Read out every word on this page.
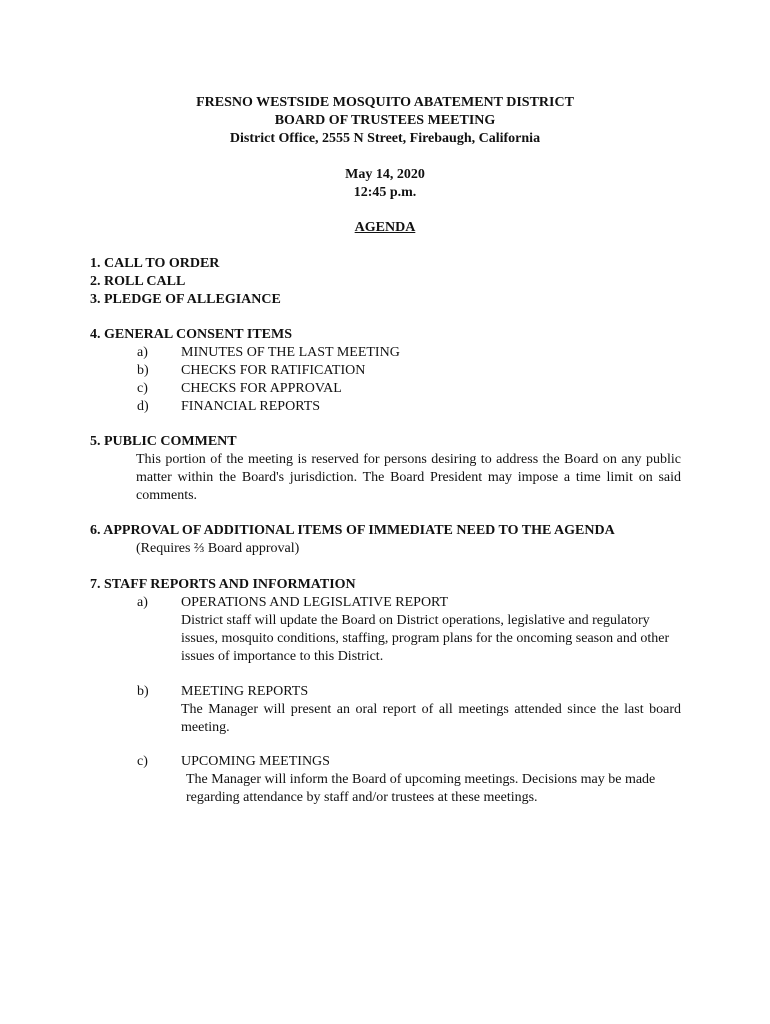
FRESNO WESTSIDE MOSQUITO ABATEMENT DISTRICT
BOARD OF TRUSTEES MEETING
District Office, 2555 N Street, Firebaugh, California
May 14, 2020
12:45 p.m.
AGENDA
1. CALL TO ORDER
2. ROLL CALL
3. PLEDGE OF ALLEGIANCE
4. GENERAL CONSENT ITEMS
a) MINUTES OF THE LAST MEETING
b) CHECKS FOR RATIFICATION
c) CHECKS FOR APPROVAL
d) FINANCIAL REPORTS
5. PUBLIC COMMENT
This portion of the meeting is reserved for persons desiring to address the Board on any public matter within the Board's jurisdiction. The Board President may impose a time limit on said comments.
6. APPROVAL OF ADDITIONAL ITEMS OF IMMEDIATE NEED TO THE AGENDA
(Requires ⅔ Board approval)
7. STAFF REPORTS AND INFORMATION
a) OPERATIONS AND LEGISLATIVE REPORT
District staff will update the Board on District operations, legislative and regulatory issues, mosquito conditions, staffing, program plans for the oncoming season and other issues of importance to this District.
b) MEETING REPORTS
The Manager will present an oral report of all meetings attended since the last board meeting.
c) UPCOMING MEETINGS
The Manager will inform the Board of upcoming meetings. Decisions may be made regarding attendance by staff and/or trustees at these meetings.
